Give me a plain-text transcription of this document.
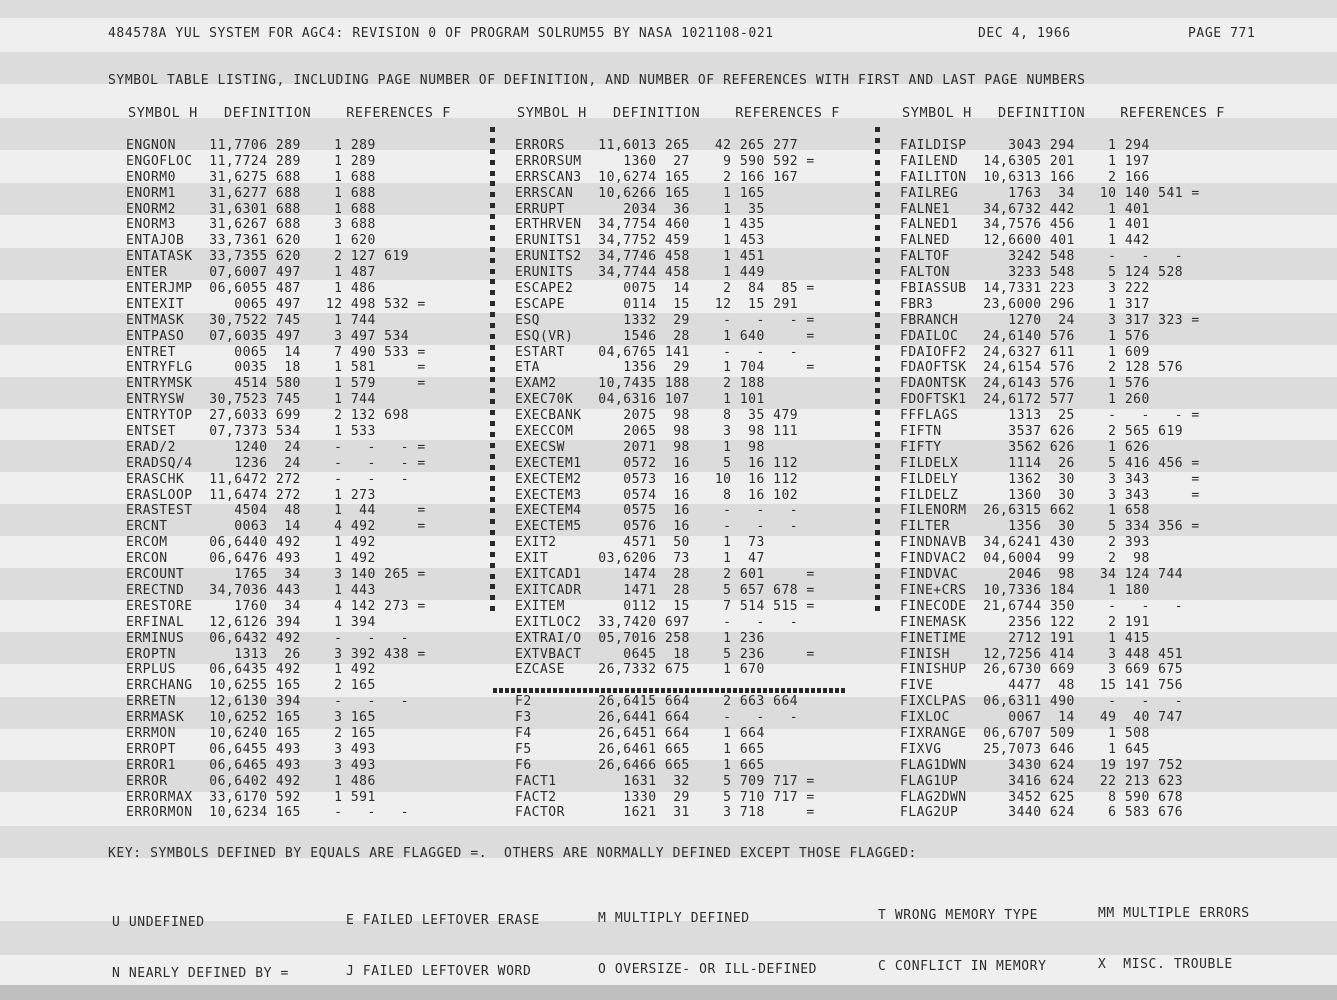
484578A YUL SYSTEM FOR AGC4: REVISION 0 OF PROGRAM SOLRUM55 BY NASA 1021108-021	DEC 4, 1966	PAGE 771
SYMBOL TABLE LISTING, INCLUDING PAGE NUMBER OF DEFINITION, AND NUMBER OF REFERENCES WITH FIRST AND LAST PAGE NUMBERS
SYMBOL H   DEFINITION    REFERENCES F	SYMBOL H   DEFINITION    REFERENCES F	SYMBOL H   DEFINITION    REFERENCES F
ENGNON    11,7706 289    1 289
ENGOFLOC  11,7724 289    1 289
ENORM0    31,6275 688    1 688
ENORM1    31,6277 688    1 688
ENORM2    31,6301 688    1 688
ENORM3    31,6267 688    3 688
ENTAJOB   33,7361 620    1 620
ENTATASK  33,7355 620    2 127 619
ENTER     07,6007 497    1 487
ENTERJMP  06,6055 487    1 486
ENTEXIT      0065 497   12 498 532 =
ENTMASK   30,7522 745    1 744
ENTPASO   07,6035 497    3 497 534
ENTRET       0065  14    7 490 533 =
ENTRYFLG     0035  18    1 581     =
ENTRYMSK     4514 580    1 579     =
ENTRYSW   30,7523 745    1 744
ENTRYTOP  27,6033 699    2 132 698
ENTSET    07,7373 534    1 533
ERAD/2       1240  24    -   -   - =
ERADSQ/4     1236  24    -   -   - =
ERASCHK   11,6472 272    -   -   -
ERASLOOP  11,6474 272    1 273
ERASTEST     4504  48    1  44     =
ERCNT        0063  14    4 492     =
ERCOM     06,6440 492    1 492
ERCON     06,6476 493    1 492
ERCOUNT      1765  34    3 140 265 =
ERECTND   34,7036 443    1 443
ERESTORE     1760  34    4 142 273 =
ERFINAL   12,6126 394    1 394
ERMINUS   06,6432 492    -   -   -
EROPTN       1313  26    3 392 438 =
ERPLUS    06,6435 492    1 492
ERRCHANG  10,6255 165    2 165
ERRETN    12,6130 394    -   -   -
ERRMASK   10,6252 165    3 165
ERRMON    10,6240 165    2 165
ERROPT    06,6455 493    3 493
ERROR1    06,6465 493    3 493
ERROR     06,6402 492    1 486
ERRORMAX  33,6170 592    1 591
ERRORMON  10,6234 165    -   -   -
ERRORS    11,6013 265   42 265 277
ERRORSUM     1360  27    9 590 592 =
ERRSCAN3  10,6274 165    2 166 167
ERRSCAN   10,6266 165    1 165
ERRUPT       2034  36    1  35
ERTHRVEN  34,7754 460    1 435
ERUNITS1  34,7752 459    1 453
ERUNITS2  34,7746 458    1 451
ERUNITS   34,7744 458    1 449
ESCAPE2      0075  14    2  84  85 =
ESCAPE       0114  15   12  15 291
ESQ          1332  29    -   -   - =
ESQ(VR)      1546  28    1 640     =
ESTART    04,6765 141    -   -   -
ETA          1356  29    1 704     =
EXAM2     10,7435 188    2 188
EXEC70K   04,6316 107    1 101
EXECBANK     2075  98    8  35 479
EXECCOM      2065  98    3  98 111
EXECSW       2071  98    1  98
EXECTEM1     0572  16    5  16 112
EXECTEM2     0573  16   10  16 112
EXECTEM3     0574  16    8  16 102
EXECTEM4     0575  16    -   -   -
EXECTEM5     0576  16    -   -   -
EXIT2        4571  50    1  73
EXIT      03,6206  73    1  47
EXITCAD1     1474  28    2 601     =
EXITCADR     1471  28    5 657 678 =
EXITEM       0112  15    7 514 515 =
EXITLOC2  33,7420 697    -   -   -
EXTRAI/O  05,7016 258    1 236
EXTVBACT     0645  18    5 236     =
EZCASE    26,7332 675    1 670

F2        26,6415 664    2 663 664
F3        26,6441 664    -   -   -
F4        26,6451 664    1 664
F5        26,6461 665    1 665
F6        26,6466 665    1 665
FACT1        1631  32    5 709 717 =
FACT2        1330  29    5 710 717 =
FACTOR       1621  31    3 718     =
FAILDISP     3043 294    1 294
FAILEND   14,6305 201    1 197
FAILITON  10,6313 166    2 166
FAILREG      1763  34   10 140 541 =
FALNE1    34,6732 442    1 401
FALNED1   34,7576 456    1 401
FALNED    12,6600 401    1 442
FALTOF       3242 548    -   -   -
FALTON       3233 548    5 124 528
FBIASSUB  14,7331 223    3 222
FBR3      23,6000 296    1 317
FBRANCH      1270  24    3 317 323 =
FDAILOC   24,6140 576    1 576
FDAIOFF2  24,6327 611    1 609
FDAOFTSK  24,6154 576    2 128 576
FDAONTSK  24,6143 576    1 576
FDOFTSK1  24,6172 577    1 260
FFFLAGS      1313  25    -   -   - =
FIFTN        3537 626    2 565 619
FIFTY        3562 626    1 626
FILDELX      1114  26    5 416 456 =
FILDELY      1362  30    3 343     =
FILDELZ      1360  30    3 343     =
FILENORM  26,6315 662    1 658
FILTER       1356  30    5 334 356 =
FINDNAVB  34,6241 430    2 393
FINDVAC2  04,6004  99    2  98
FINDVAC      2046  98   34 124 744
FINE+CRS  10,7336 184    1 180
FINECODE  21,6744 350    -   -   -
FINEMASK     2356 122    2 191
FINETIME     2712 191    1 415
FINISH    12,7256 414    3 448 451
FINISHUP  26,6730 669    3 669 675
FIVE         4477  48   15 141 756
FIXCLPAS  06,6311 490    -   -   -
FIXLOC       0067  14   49  40 747
FIXRANGE  06,6707 509    1 508
FIXVG     25,7073 646    1 645
FLAG1DWN     3430 624   19 197 752
FLAG1UP      3416 624   22 213 623
FLAG2DWN     3452 625    8 590 678
FLAG2UP      3440 624    6 583 676
KEY: SYMBOLS DEFINED BY EQUALS ARE FLAGGED =.  OTHERS ARE NORMALLY DEFINED EXCEPT THOSE FLAGGED:

U UNDEFINED

N NEARLY DEFINED BY =

E FAILED LEFTOVER ERASE

J FAILED LEFTOVER WORD

M MULTIPLY DEFINED

O OVERSIZE- OR ILL-DEFINED

T WRONG MEMORY TYPE

C CONFLICT IN MEMORY

MM MULTIPLE ERRORS

X  MISC. TROUBLE
